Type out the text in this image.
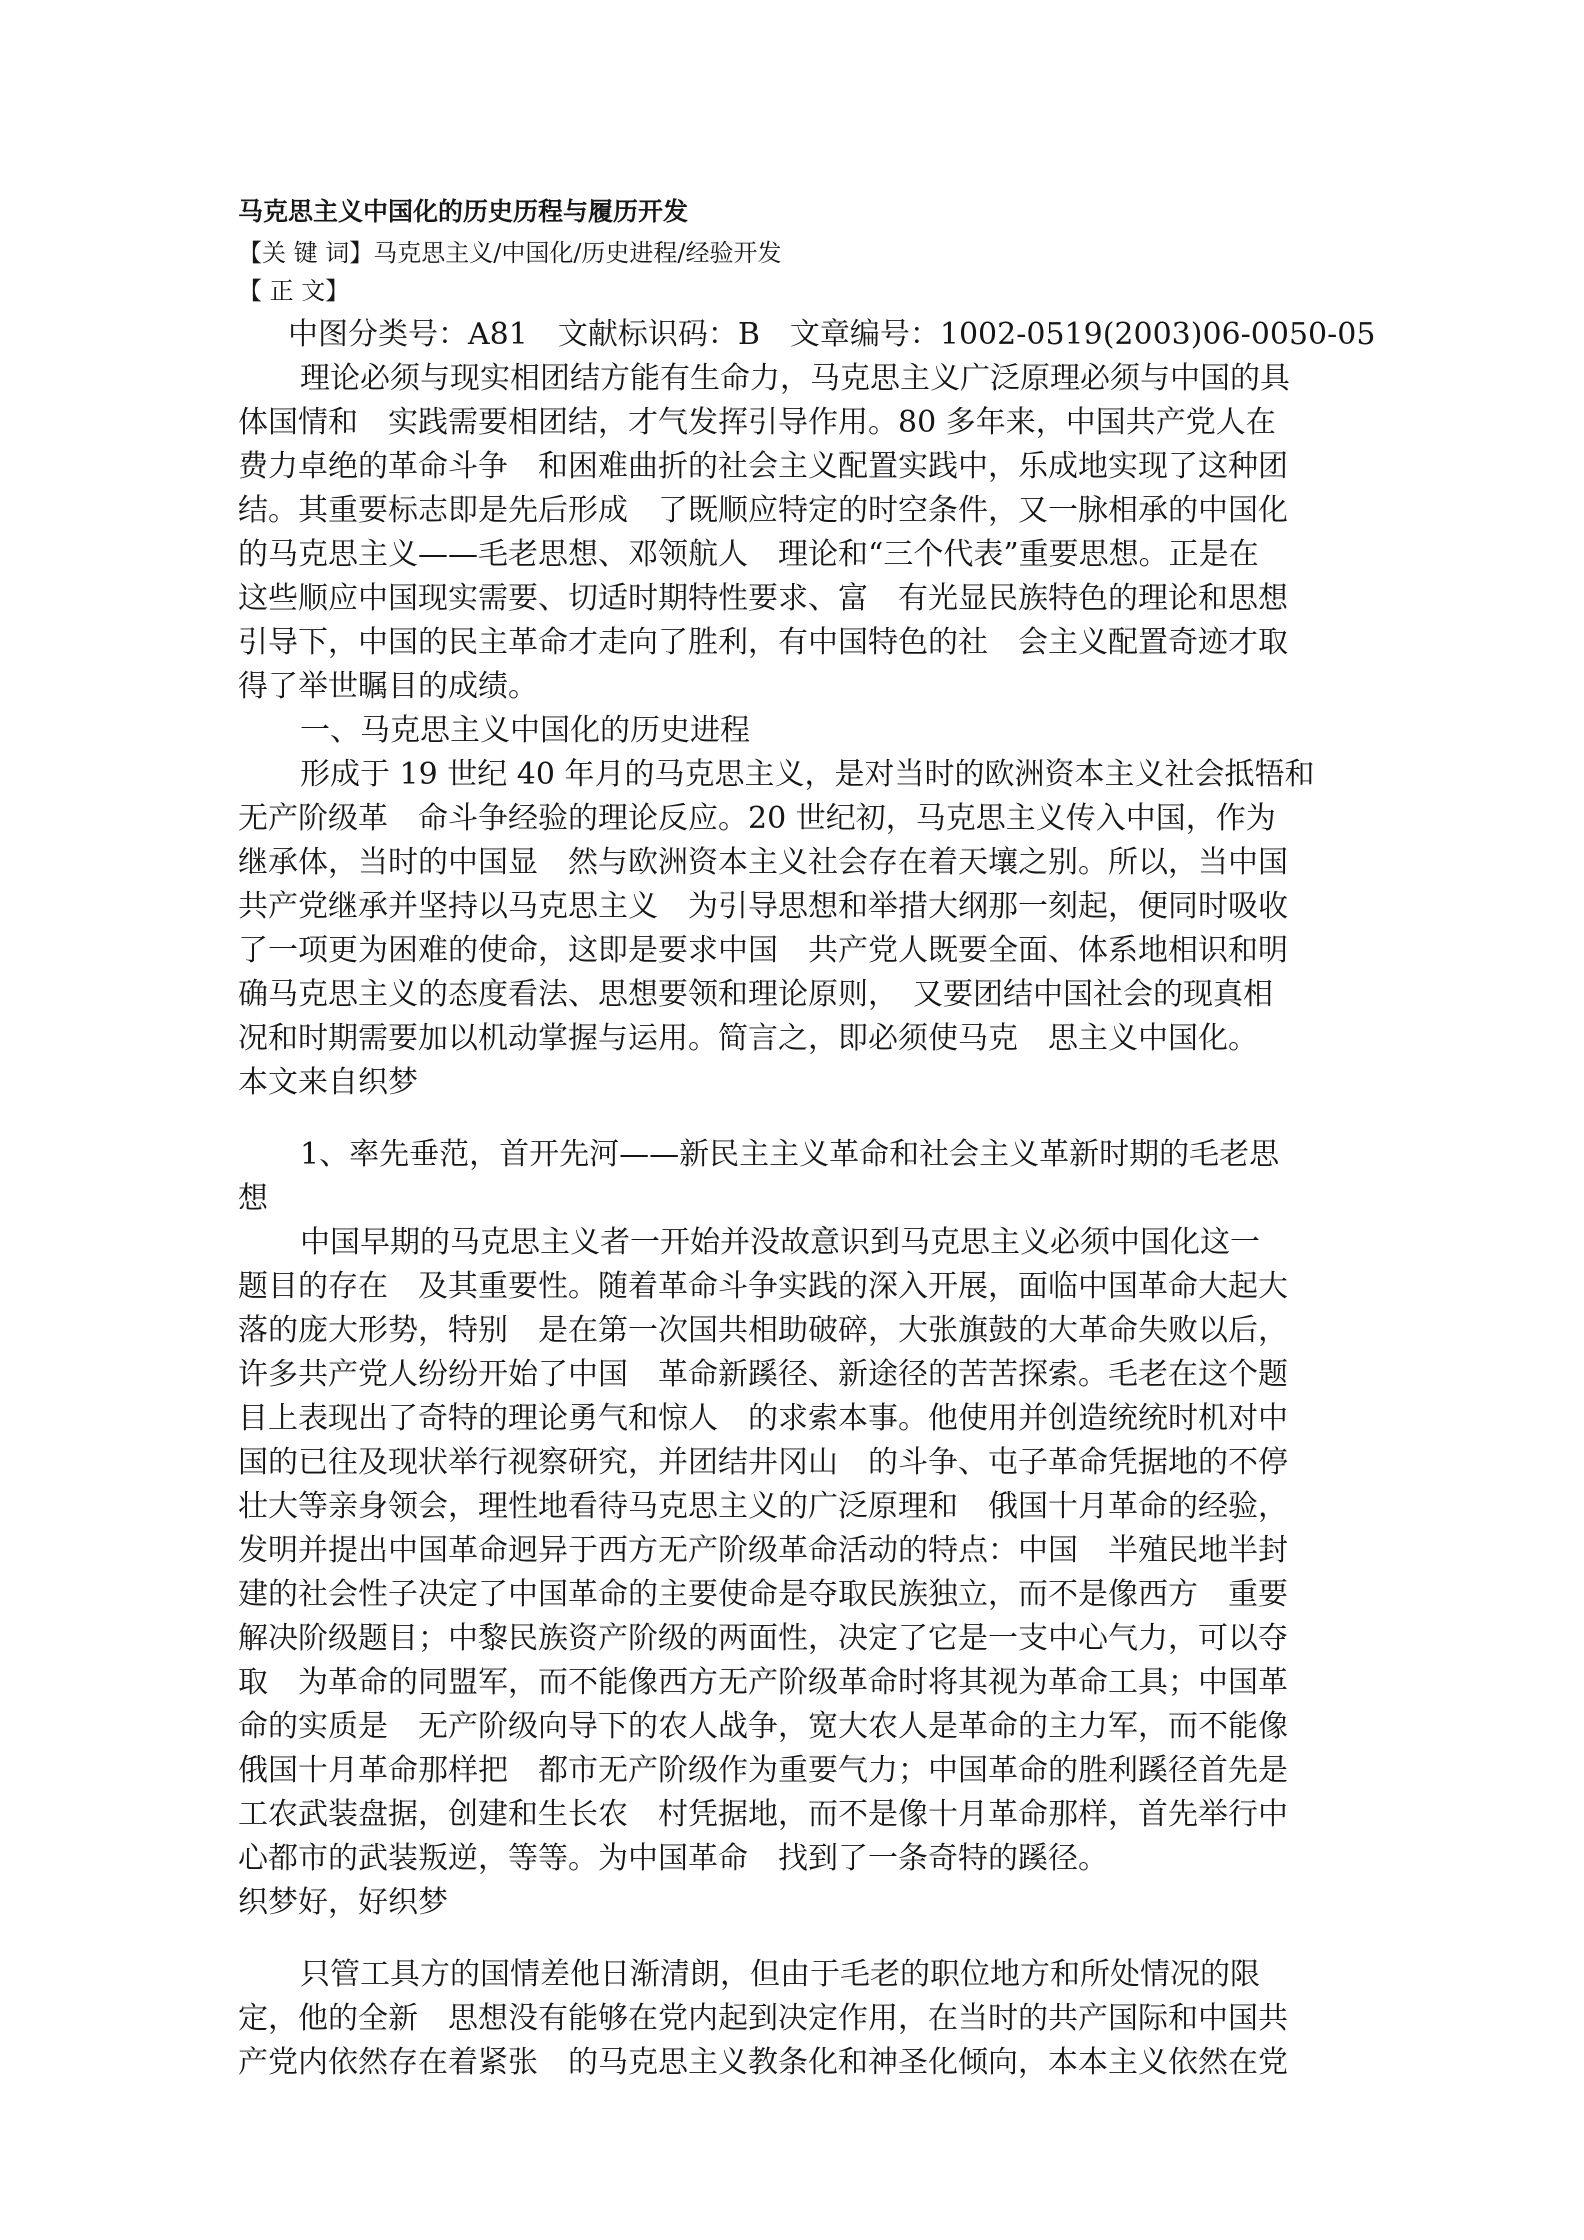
马克思主义中国化的历史历程与履历开发
【关 键 词】马克思主义/中国化/历史进程/经验开发
【 正 文】
中图分类号：A81　文献标识码：B　文章编号：1002-0519(2003)06-0050-05
理论必须与现实相团结方能有生命力，马克思主义广泛原理必须与中国的具
体国情和　实践需要相团结，才气发挥引导作用。80 多年来，中国共产党人在
费力卓绝的革命斗争　和困难曲折的社会主义配置实践中，乐成地实现了这种团
结。其重要标志即是先后形成　了既顺应特定的时空条件，又一脉相承的中国化
的马克思主义——毛老思想、邓领航人　理论和“三个代表”重要思想。正是在
这些顺应中国现实需要、切适时期特性要求、富　有光显民族特色的理论和思想
引导下，中国的民主革命才走向了胜利，有中国特色的社　会主义配置奇迹才取
得了举世瞩目的成绩。
一、马克思主义中国化的历史进程
形成于 19 世纪 40 年月的马克思主义，是对当时的欧洲资本主义社会抵牾和
无产阶级革　命斗争经验的理论反应。20 世纪初，马克思主义传入中国，作为
继承体，当时的中国显　然与欧洲资本主义社会存在着天壤之别。所以，当中国
共产党继承并坚持以马克思主义　为引导思想和举措大纲那一刻起，便同时吸收
了一项更为困难的使命，这即是要求中国　共产党人既要全面、体系地相识和明
确马克思主义的态度看法、思想要领和理论原则，　又要团结中国社会的现真相
况和时期需要加以机动掌握与运用。简言之，即必须使马克　思主义中国化。
本文来自织梦
1、率先垂范，首开先河——新民主主义革命和社会主义革新时期的毛老思
想
中国早期的马克思主义者一开始并没故意识到马克思主义必须中国化这一
题目的存在　及其重要性。随着革命斗争实践的深入开展，面临中国革命大起大
落的庞大形势，特别　是在第一次国共相助破碎，大张旗鼓的大革命失败以后，
许多共产党人纷纷开始了中国　革命新蹊径、新途径的苦苦探索。毛老在这个题
目上表现出了奇特的理论勇气和惊人　的求索本事。他使用并创造统统时机对中
国的已往及现状举行视察研究，并团结井冈山　的斗争、屯子革命凭据地的不停
壮大等亲身领会，理性地看待马克思主义的广泛原理和　俄国十月革命的经验，
发明并提出中国革命迥异于西方无产阶级革命活动的特点：中国　半殖民地半封
建的社会性子决定了中国革命的主要使命是夺取民族独立，而不是像西方　重要
解决阶级题目；中黎民族资产阶级的两面性，决定了它是一支中心气力，可以夺
取　为革命的同盟军，而不能像西方无产阶级革命时将其视为革命工具；中国革
命的实质是　无产阶级向导下的农人战争，宽大农人是革命的主力军，而不能像
俄国十月革命那样把　都市无产阶级作为重要气力；中国革命的胜利蹊径首先是
工农武装盘据，创建和生长农　村凭据地，而不是像十月革命那样，首先举行中
心都市的武装叛逆，等等。为中国革命　找到了一条奇特的蹊径。
织梦好，好织梦
只管工具方的国情差他日渐清朗，但由于毛老的职位地方和所处情况的限
定，他的全新　思想没有能够在党内起到决定作用，在当时的共产国际和中国共
产党内依然存在着紧张　的马克思主义教条化和神圣化倾向，本本主义依然在党
